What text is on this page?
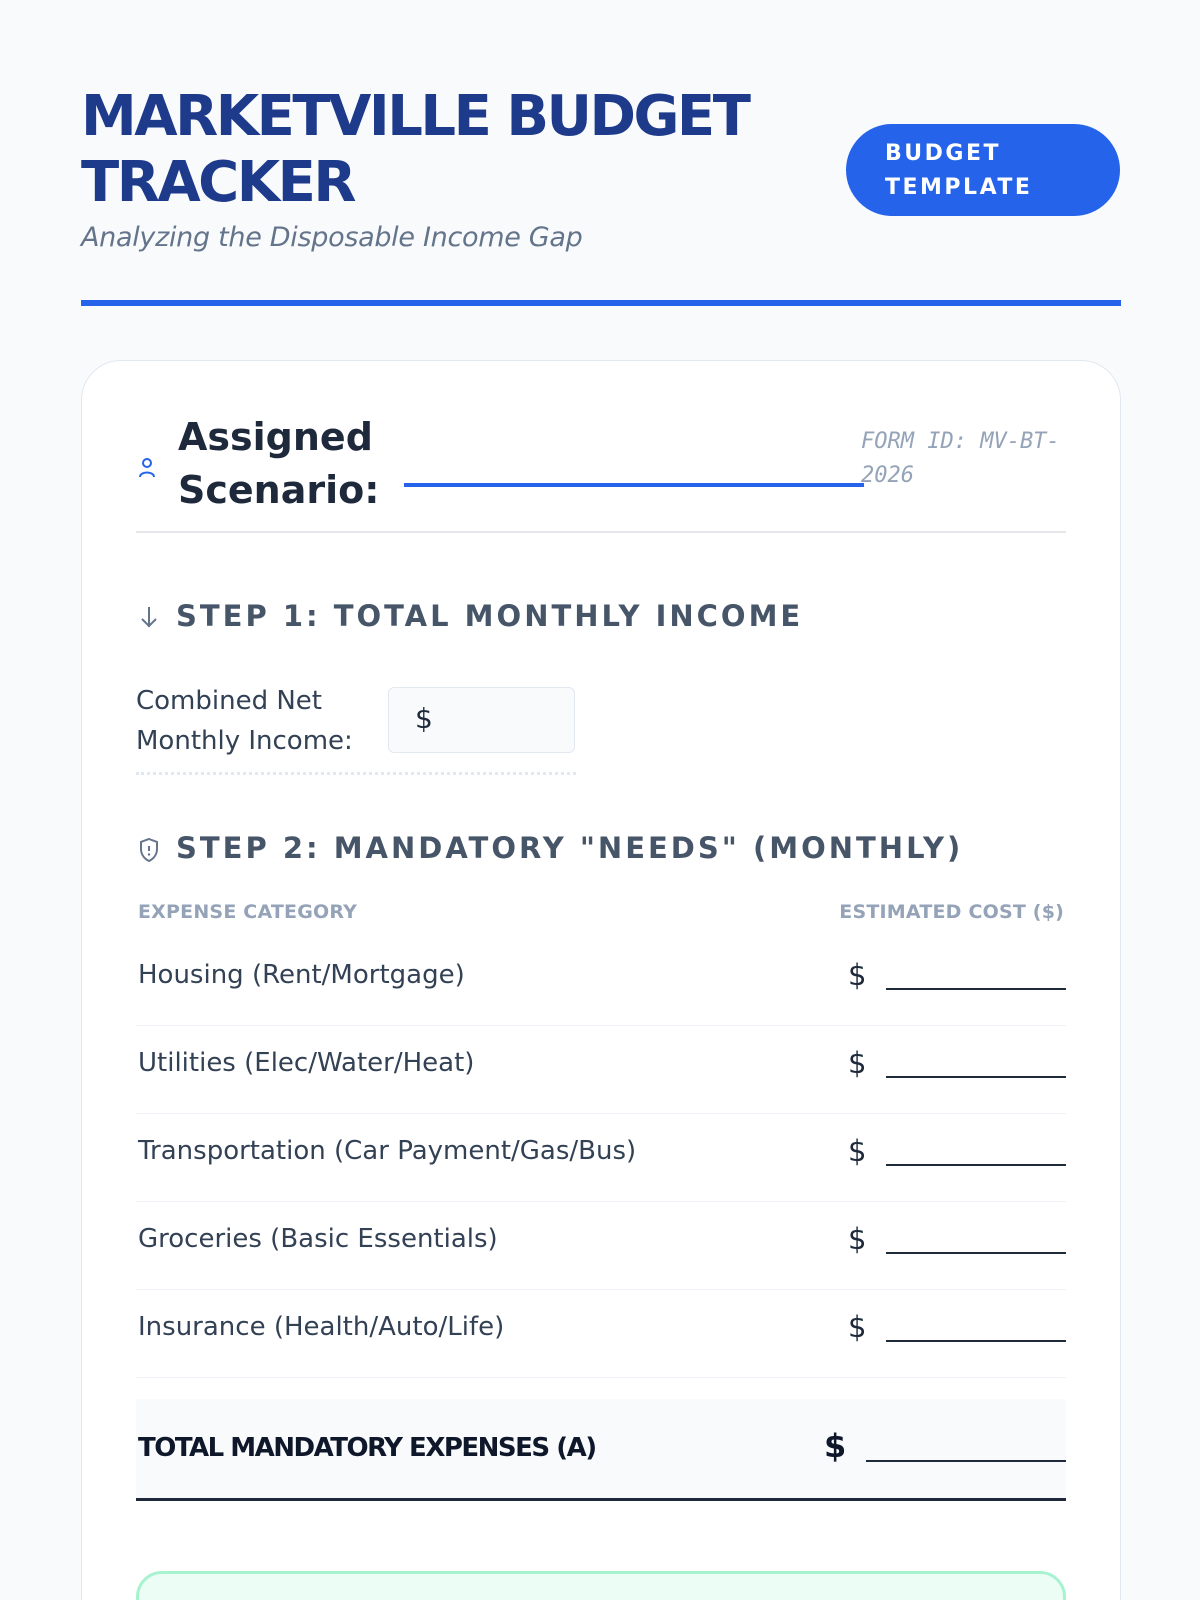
MARKETVILLE BUDGET TRACKER
Analyzing the Disposable Income Gap
BUDGET TEMPLATE
Assigned Scenario:
FORM ID: MV-BT-2026
STEP 1: TOTAL MONTHLY INCOME
Combined Net Monthly Income:
$
STEP 2: MANDATORY "NEEDS" (MONTHLY)
EXPENSE CATEGORY	ESTIMATED COST ($)
Housing (Rent/Mortgage)	$
Utilities (Elec/Water/Heat)	$
Transportation (Car Payment/Gas/Bus)	$
Groceries (Basic Essentials)	$
Insurance (Health/Auto/Life)	$
TOTAL MANDATORY EXPENSES (A)	$
